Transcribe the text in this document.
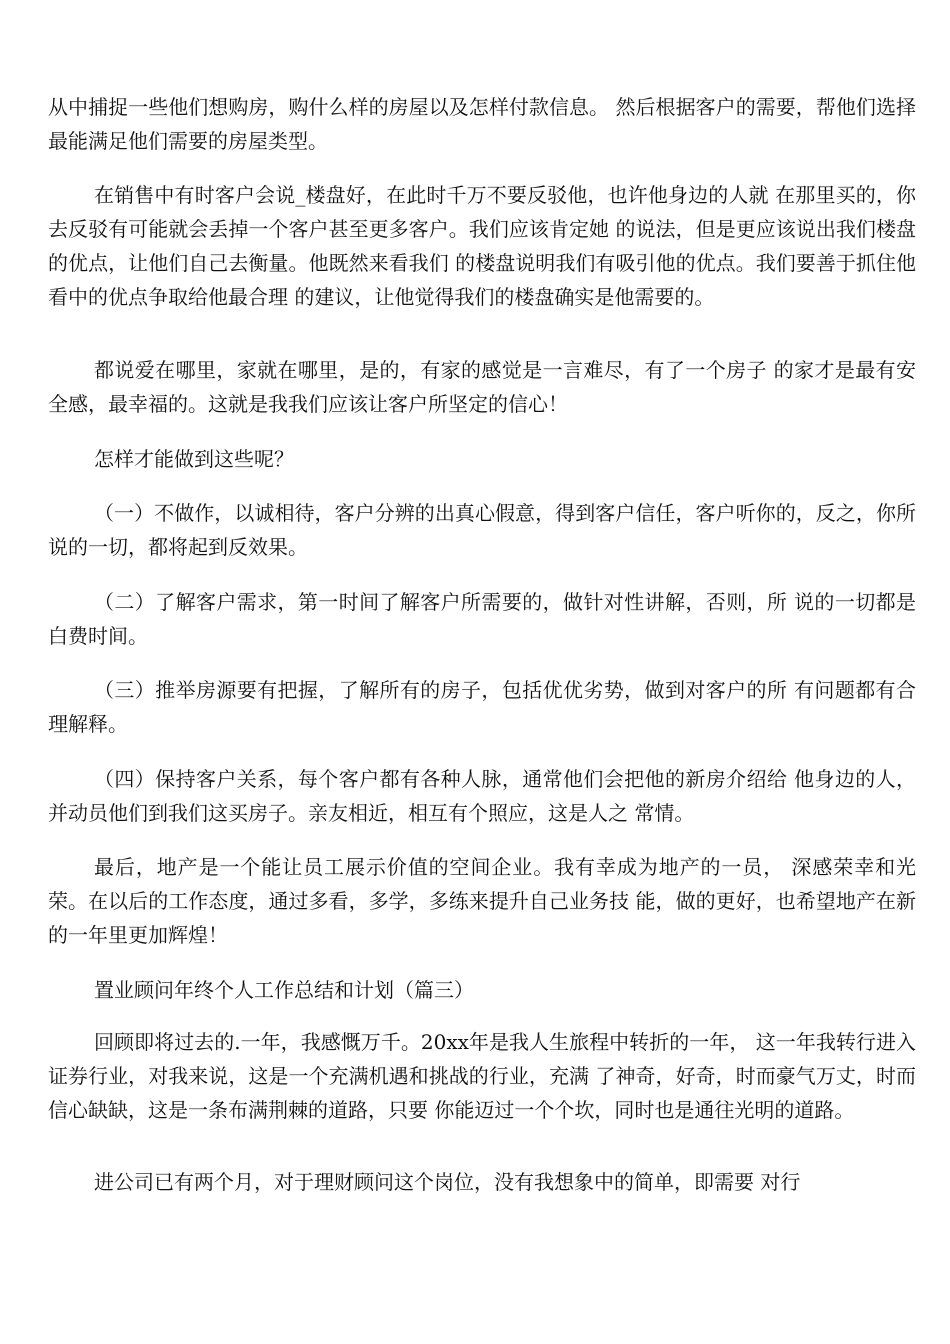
从中捕捉一些他们想购房，购什么样的房屋以及怎样付款信息。 然后根据客户的需要，帮他们选择最能满足他们需要的房屋类型。

在销售中有时客户会说_楼盘好，在此时千万不要反驳他，也许他身边的人就 在那里买的，你去反驳有可能就会丢掉一个客户甚至更多客户。我们应该肯定她 的说法，但是更应该说出我们楼盘的优点，让他们自己去衡量。他既然来看我们 的楼盘说明我们有吸引他的优点。我们要善于抓住他看中的优点争取给他最合理 的建议，让他觉得我们的楼盘确实是他需要的。

都说爱在哪里，家就在哪里，是的，有家的感觉是一言难尽，有了一个房子 的家才是最有安全感，最幸福的。这就是我我们应该让客户所坚定的信心！

怎样才能做到这些呢？

（一）不做作，以诚相待，客户分辨的出真心假意，得到客户信任，客户听你的，反之，你所说的一切，都将起到反效果。

（二）了解客户需求，第一时间了解客户所需要的，做针对性讲解，否则，所 说的一切都是白费时间。

（三）推举房源要有把握，了解所有的房子，包括优优劣势，做到对客户的所 有问题都有合理解释。

（四）保持客户关系，每个客户都有各种人脉，通常他们会把他的新房介绍给 他身边的人，并动员他们到我们这买房子。亲友相近，相互有个照应，这是人之 常情。

最后，地产是一个能让员工展示价值的空间企业。我有幸成为地产的一员， 深感荣幸和光荣。在以后的工作态度，通过多看，多学，多练来提升自己业务技 能，做的更好，也希望地产在新的一年里更加辉煌！

置业顾问年终个人工作总结和计划（篇三）

回顾即将过去的.一年，我感慨万千。20xx年是我人生旅程中转折的一年， 这一年我转行进入证券行业，对我来说，这是一个充满机遇和挑战的行业，充满 了神奇，好奇，时而豪气万丈，时而信心缺缺，这是一条布满荆棘的道路，只要 你能迈过一个个坎，同时也是通往光明的道路。

进公司已有两个月，对于理财顾问这个岗位，没有我想象中的简单，即需要 对行
